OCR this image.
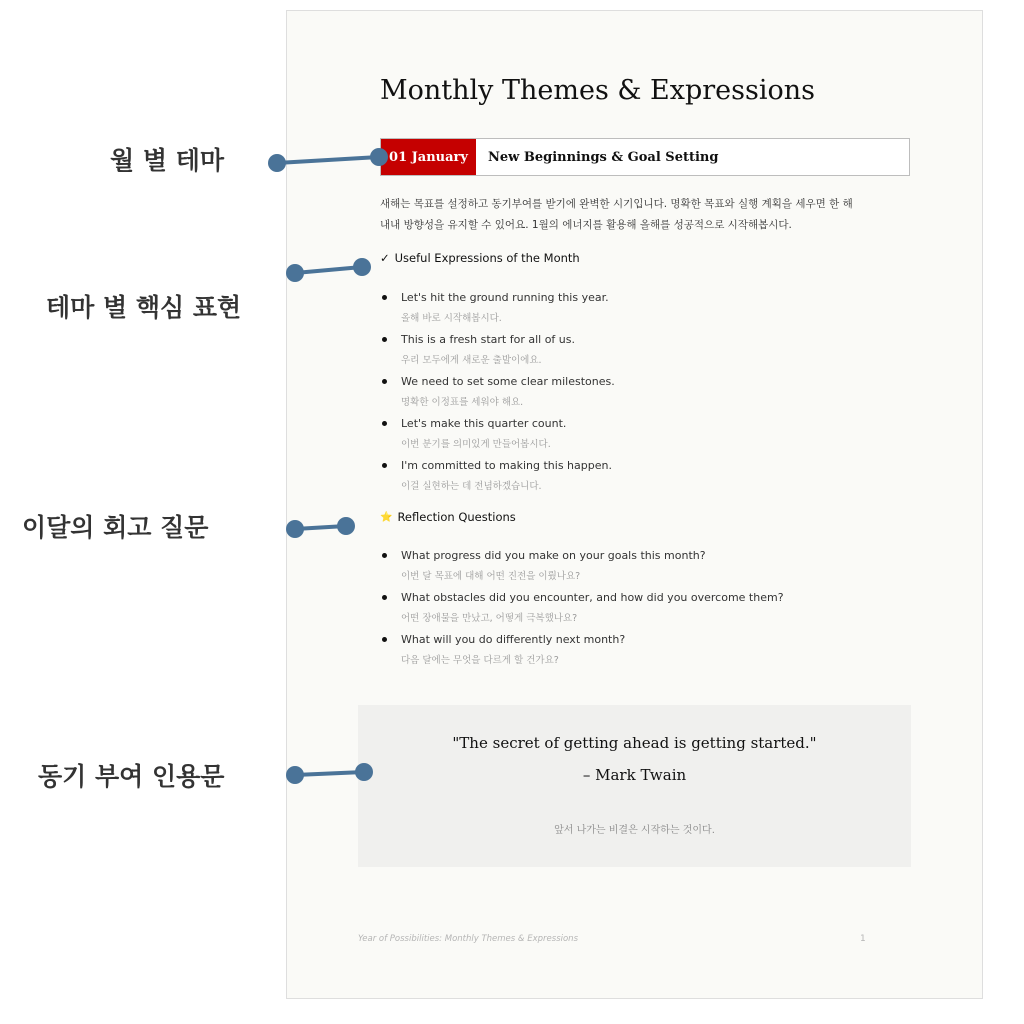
Monthly Themes & Expressions
01 January	New Beginnings & Goal Setting

새해는 목표를 설정하고 동기부여를 받기에 완벽한 시기입니다. 명확한 목표와 실행 계획을 세우면 한 해
내내 방향성을 유지할 수 있어요. 1월의 에너지를 활용해 올해를 성공적으로 시작해봅시다.

✓ Useful Expressions of the Month
Let's hit the ground running this year.
올해 바로 시작해봅시다.
This is a fresh start for all of us.
우리 모두에게 새로운 출발이에요.
We need to set some clear milestones.
명확한 이정표를 세워야 해요.
Let's make this quarter count.
이번 분기를 의미있게 만들어봅시다.
I'm committed to making this happen.
이걸 실현하는 데 전념하겠습니다.
⭐ Reflection Questions
What progress did you make on your goals this month?
이번 달 목표에 대해 어떤 진전을 이뤘나요?
What obstacles did you encounter, and how did you overcome them?
어떤 장애물을 만났고, 어떻게 극복했나요?
What will you do differently next month?
다음 달에는 무엇을 다르게 할 건가요?

"The secret of getting ahead is getting started."

– Mark Twain

앞서 나가는 비결은 시작하는 것이다.

Year of Possibilities: Monthly Themes & Expressions	1

월 별 테마

테마 별 핵심 표현

이달의 회고 질문

동기 부여 인용문
